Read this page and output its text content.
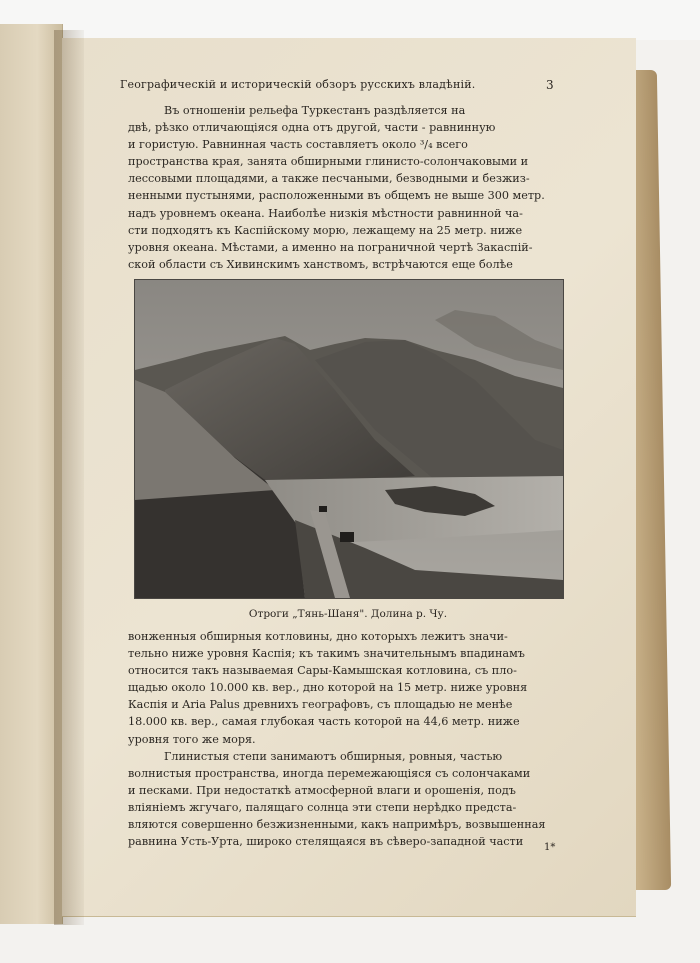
Географическій и историческій обзоръ русскихъ владѣній.	3
Въ отношеніи рельефа Туркестанъ раздѣляется на
двѣ, рѣзко отличающіяся одна отъ другой, части - равнинную
и гористую. Равнинная часть составляетъ около ³/₄ всего
пространства края, занята обширными глинисто-солончаковыми и
лессовыми площадями, а также песчаными, безводными и безжиз-
ненными пустынями, расположенными въ общемъ не выше 300 метр.
надъ уровнемъ океана. Наиболѣе низкія мѣстности равнинной ча-
сти подходятъ къ Каспійскому морю, лежащему на 25 метр. ниже
уровня океана. Мѣстами, а именно на пограничной чертѣ Закаспій-
ской области съ Хивинскимъ ханствомъ, встрѣчаются еще болѣе
Отроги „Тянь-Шаня". Долина р. Чу.
вонженныя обширныя котловины, дно которыхъ лежитъ значи-
тельно ниже уровня Каспія; къ такимъ значительнымъ впадинамъ
относится такъ называемая Сары-Камышская котловина, съ пло-
щадью около 10.000 кв. вер., дно которой на 15 метр. ниже уровня
Каспія и Aria Palus древнихъ географовъ, съ площадью не менѣе
18.000 кв. вер., самая глубокая часть которой на 44,6 метр. ниже
уровня того же моря.
Глинистыя степи занимаютъ обширныя, ровныя, частью
волнистыя пространства, иногда перемежающіяся съ солончаками
и песками. При недостаткѣ атмосферной влаги и орошенія, подъ
вліяніемъ жгучаго, палящаго солнца эти степи нерѣдко предста-
вляются совершенно безжизненными, какъ напримѣръ, возвышенная
равнина Усть-Урта, широко стелящаяся въ сѣверо-западной части	1*
